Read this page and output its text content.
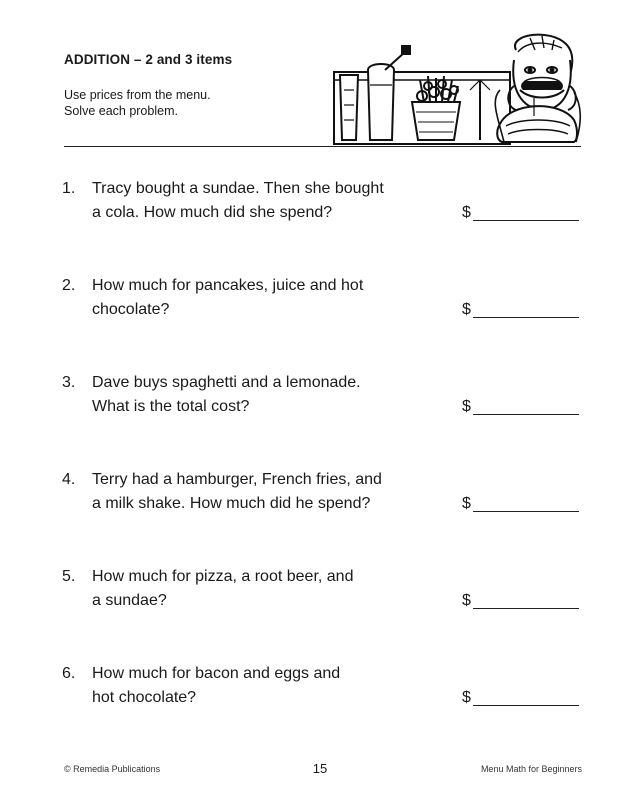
ADDITION – 2 and 3 items
Use prices from the menu.
Solve each problem.
1.	Tracy bought a sundae. Then she bought
a cola. How much did she spend?	$
2.	How much for pancakes, juice and hot
chocolate?	$
3.	Dave buys spaghetti and a lemonade.
What is the total cost?	$
4.	Terry had a hamburger, French fries, and
a milk shake. How much did he spend?	$
5.	How much for pizza, a root beer, and
a sundae?	$
6.	How much for bacon and eggs and
hot chocolate?	$
© Remedia Publications	15	Menu Math for Beginners
